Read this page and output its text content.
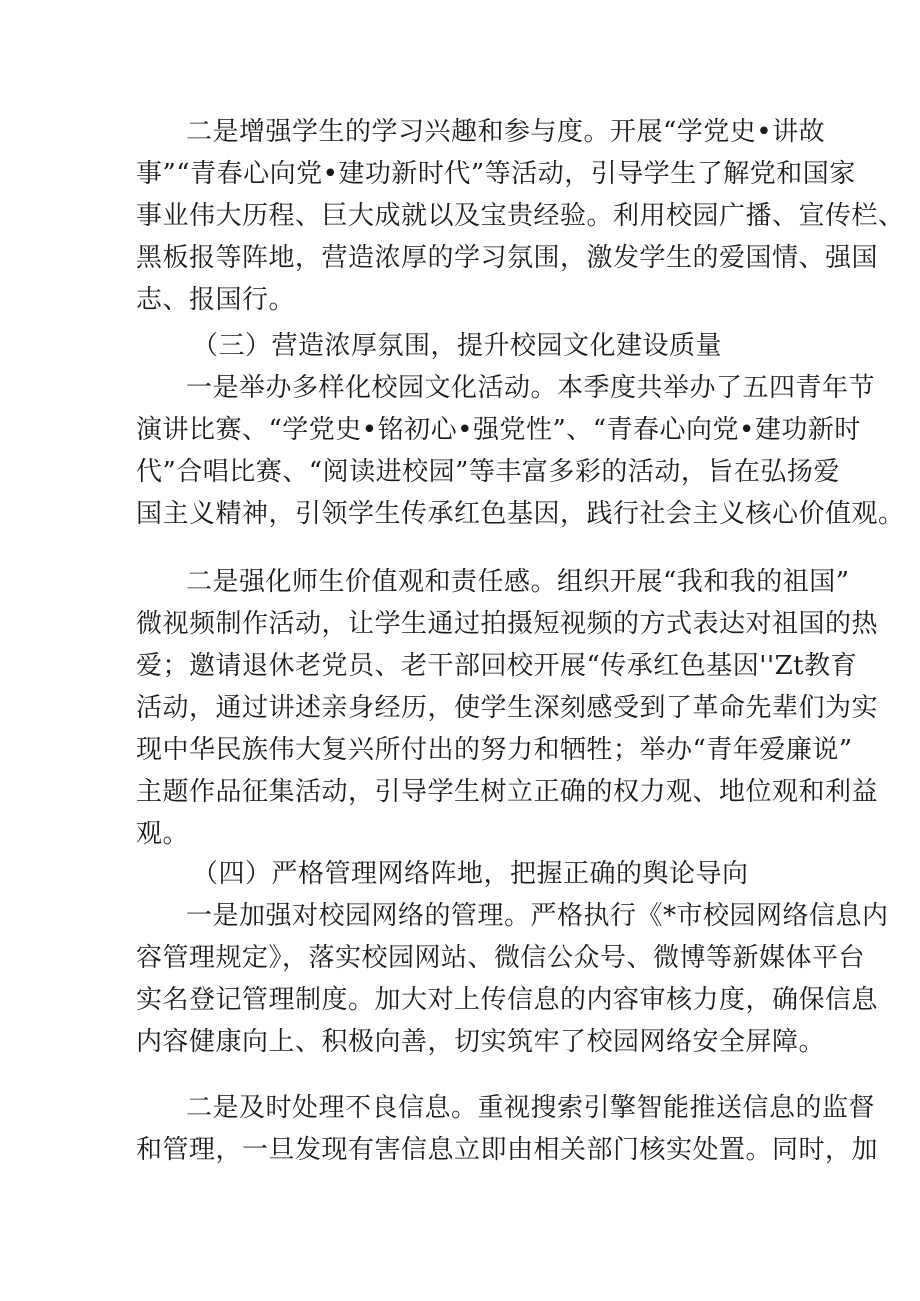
二是增强学生的学习兴趣和参与度。开展“学党史•讲故
事”“青春心向党•建功新时代”等活动，引导学生了解党和国家
事业伟大历程、巨大成就以及宝贵经验。利用校园广播、宣传栏、
黑板报等阵地，营造浓厚的学习氛围，激发学生的爱国情、强国
志、报国行。
（三）营造浓厚氛围，提升校园文化建设质量
一是举办多样化校园文化活动。本季度共举办了五四青年节
演讲比赛、“学党史•铭初心•强党性”、“青春心向党•建功新时
代”合唱比赛、“阅读进校园”等丰富多彩的活动，旨在弘扬爱
国主义精神，引领学生传承红色基因，践行社会主义核心价值观。
二是强化师生价值观和责任感。组织开展“我和我的祖国”
微视频制作活动，让学生通过拍摄短视频的方式表达对祖国的热
爱；邀请退休老党员、老干部回校开展“传承红色基因''Zt教育
活动，通过讲述亲身经历，使学生深刻感受到了革命先辈们为实
现中华民族伟大复兴所付出的努力和牺牲；举办“青年爱廉说”
主题作品征集活动，引导学生树立正确的权力观、地位观和利益
观。
（四）严格管理网络阵地，把握正确的舆论导向
一是加强对校园网络的管理。严格执行《*市校园网络信息内
容管理规定》，落实校园网站、微信公众号、微博等新媒体平台
实名登记管理制度。加大对上传信息的内容审核力度，确保信息
内容健康向上、积极向善，切实筑牢了校园网络安全屏障。
二是及时处理不良信息。重视搜索引擎智能推送信息的监督
和管理，一旦发现有害信息立即由相关部门核实处置。同时，加
